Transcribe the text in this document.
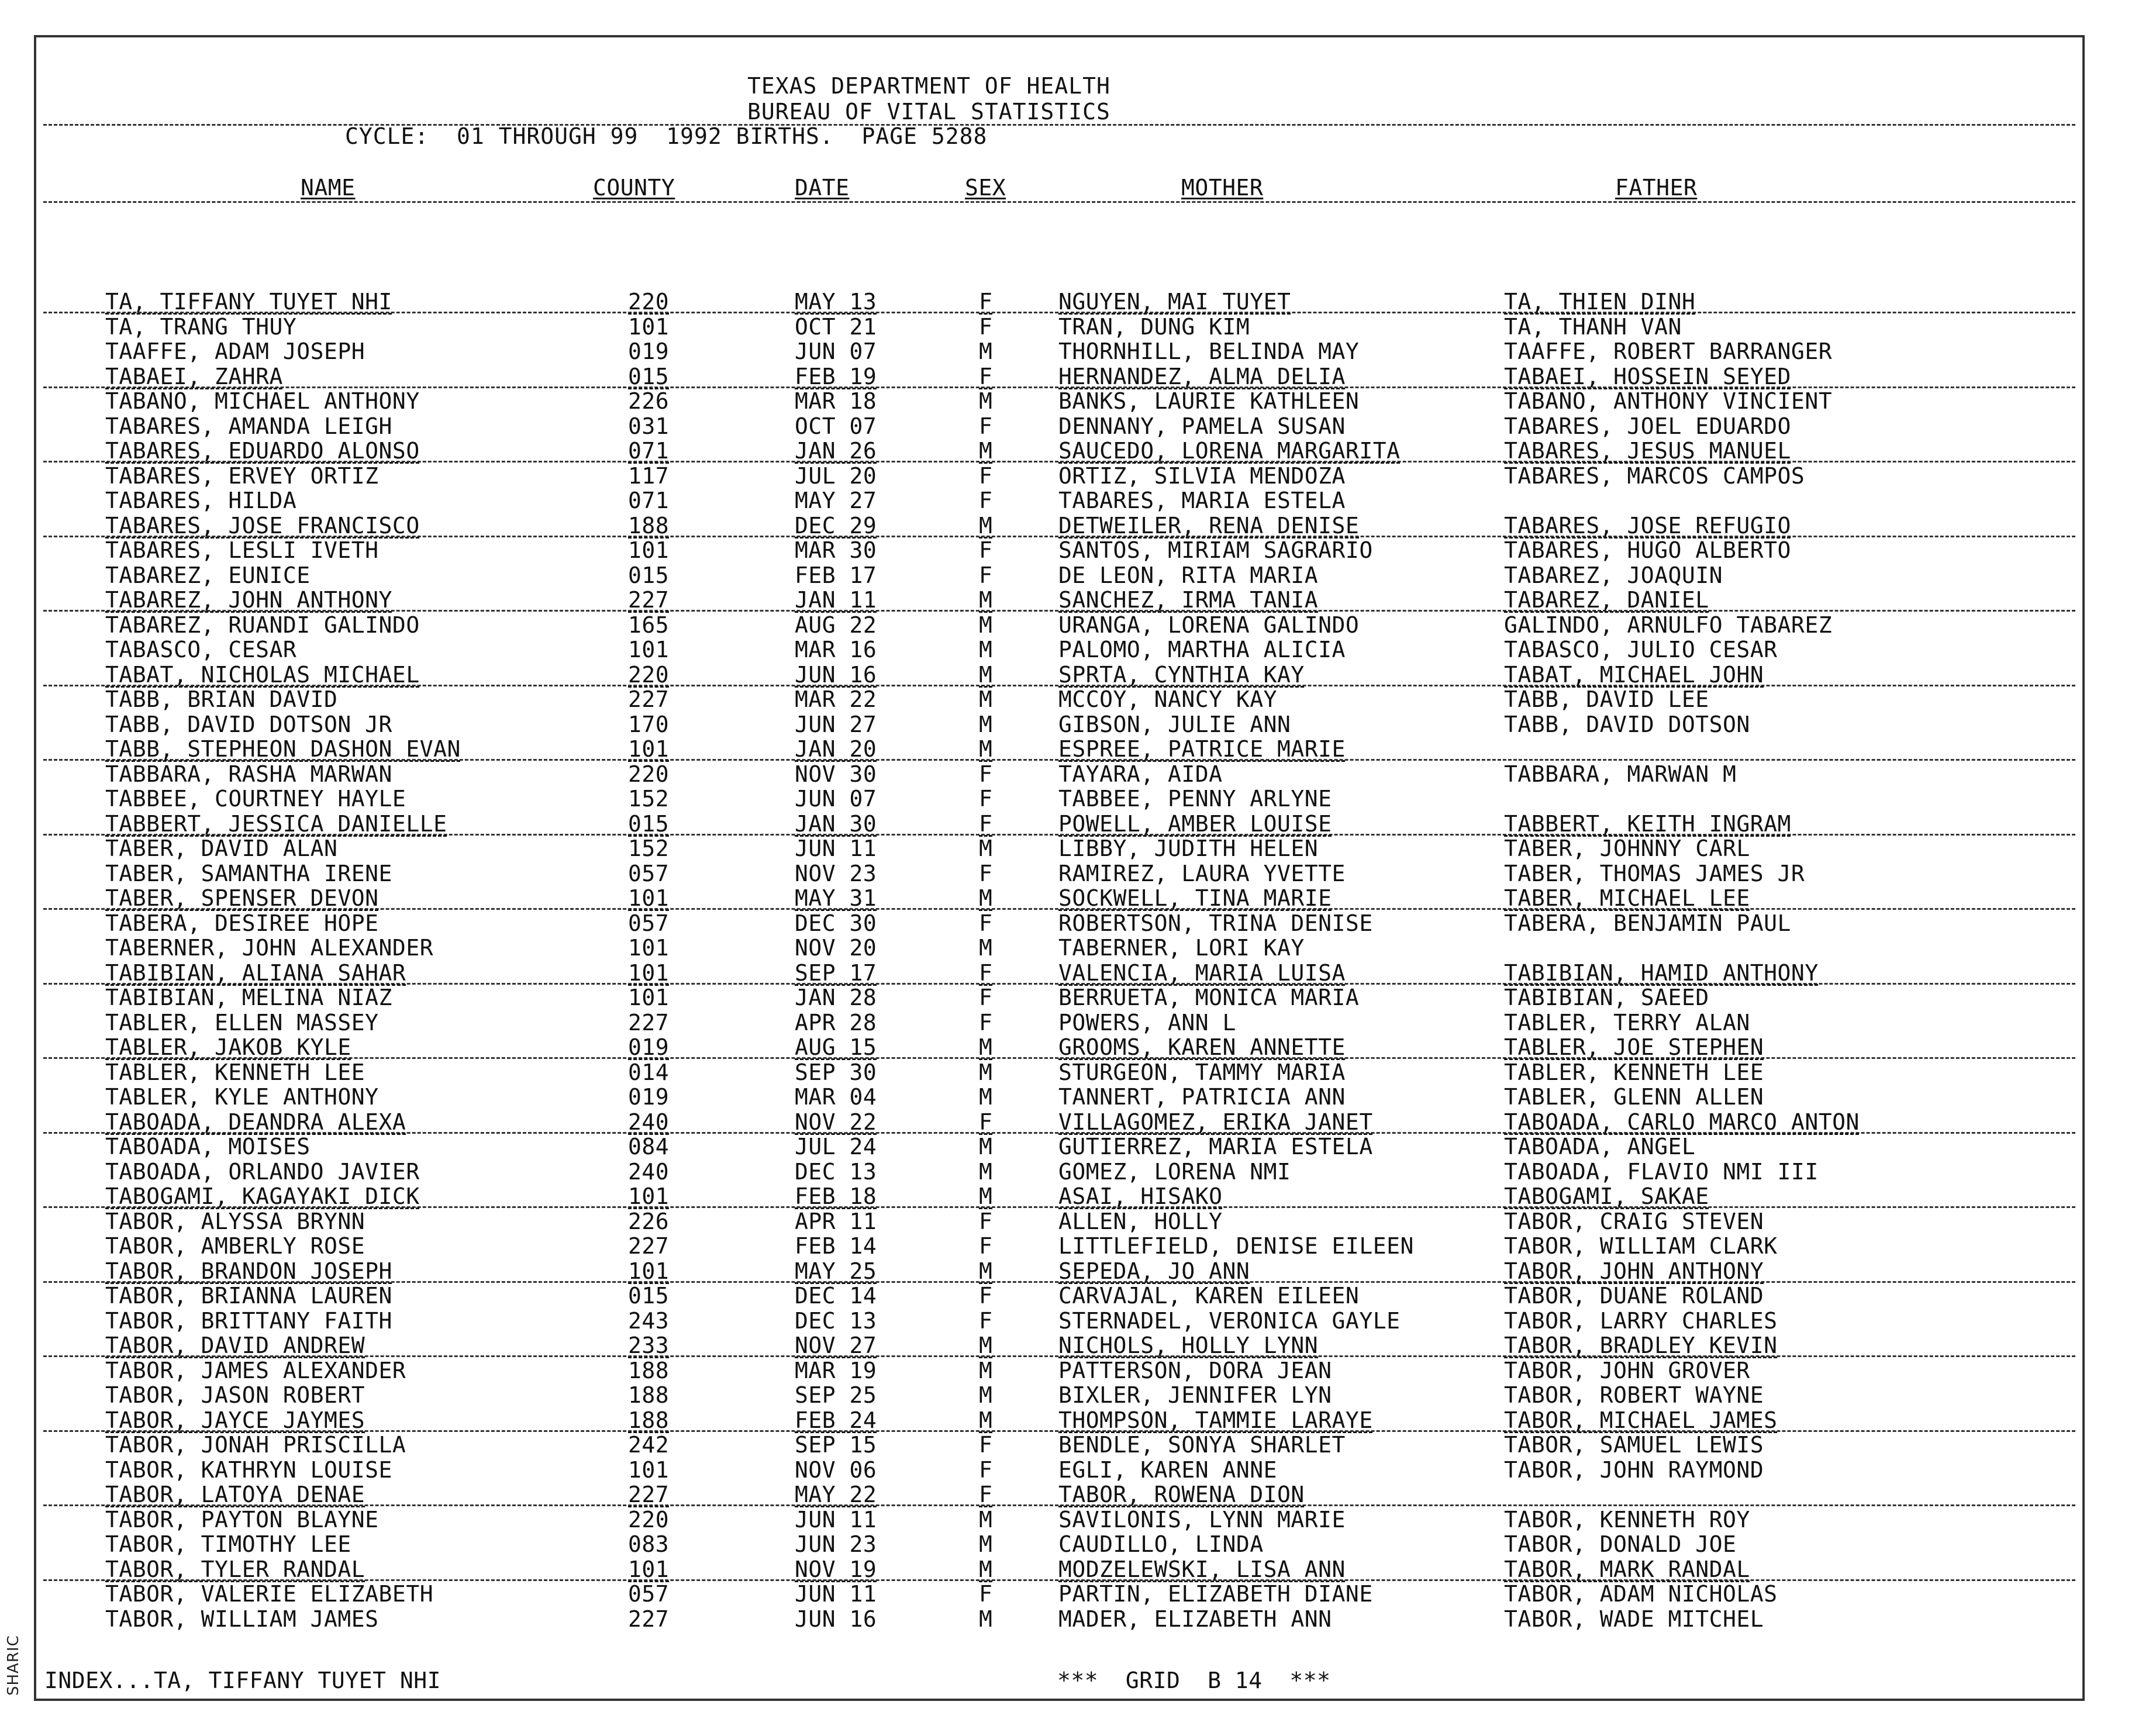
TEXAS DEPARTMENT OF HEALTH
BUREAU OF VITAL STATISTICS
CYCLE:  01 THROUGH 99  1992 BIRTHS.  PAGE 5288
NAME	COUNTY	DATE	SEX	MOTHER	FATHER
TA, TIFFANY TUYET NHI	220	MAY 13	F	NGUYEN, MAI TUYET	TA, THIEN DINH
TA, TRANG THUY	101	OCT 21	F	TRAN, DUNG KIM	TA, THANH VAN
TAAFFE, ADAM JOSEPH	019	JUN 07	M	THORNHILL, BELINDA MAY	TAAFFE, ROBERT BARRANGER
TABAEI, ZAHRA	015	FEB 19	F	HERNANDEZ, ALMA DELIA	TABAEI, HOSSEIN SEYED
TABANO, MICHAEL ANTHONY	226	MAR 18	M	BANKS, LAURIE KATHLEEN	TABANO, ANTHONY VINCIENT
TABARES, AMANDA LEIGH	031	OCT 07	F	DENNANY, PAMELA SUSAN	TABARES, JOEL EDUARDO
TABARES, EDUARDO ALONSO	071	JAN 26	M	SAUCEDO, LORENA MARGARITA	TABARES, JESUS MANUEL
TABARES, ERVEY ORTIZ	117	JUL 20	F	ORTIZ, SILVIA MENDOZA	TABARES, MARCOS CAMPOS
TABARES, HILDA	071	MAY 27	F	TABARES, MARIA ESTELA
TABARES, JOSE FRANCISCO	188	DEC 29	M	DETWEILER, RENA DENISE	TABARES, JOSE REFUGIO
TABARES, LESLI IVETH	101	MAR 30	F	SANTOS, MIRIAM SAGRARIO	TABARES, HUGO ALBERTO
TABAREZ, EUNICE	015	FEB 17	F	DE LEON, RITA MARIA	TABAREZ, JOAQUIN
TABAREZ, JOHN ANTHONY	227	JAN 11	M	SANCHEZ, IRMA TANIA	TABAREZ, DANIEL
TABAREZ, RUANDI GALINDO	165	AUG 22	M	URANGA, LORENA GALINDO	GALINDO, ARNULFO TABAREZ
TABASCO, CESAR	101	MAR 16	M	PALOMO, MARTHA ALICIA	TABASCO, JULIO CESAR
TABAT, NICHOLAS MICHAEL	220	JUN 16	M	SPRTA, CYNTHIA KAY	TABAT, MICHAEL JOHN
TABB, BRIAN DAVID	227	MAR 22	M	MCCOY, NANCY KAY	TABB, DAVID LEE
TABB, DAVID DOTSON JR	170	JUN 27	M	GIBSON, JULIE ANN	TABB, DAVID DOTSON
TABB, STEPHEON DASHON EVAN	101	JAN 20	M	ESPREE, PATRICE MARIE
TABBARA, RASHA MARWAN	220	NOV 30	F	TAYARA, AIDA	TABBARA, MARWAN M
TABBEE, COURTNEY HAYLE	152	JUN 07	F	TABBEE, PENNY ARLYNE
TABBERT, JESSICA DANIELLE	015	JAN 30	F	POWELL, AMBER LOUISE	TABBERT, KEITH INGRAM
TABER, DAVID ALAN	152	JUN 11	M	LIBBY, JUDITH HELEN	TABER, JOHNNY CARL
TABER, SAMANTHA IRENE	057	NOV 23	F	RAMIREZ, LAURA YVETTE	TABER, THOMAS JAMES JR
TABER, SPENSER DEVON	101	MAY 31	M	SOCKWELL, TINA MARIE	TABER, MICHAEL LEE
TABERA, DESIREE HOPE	057	DEC 30	F	ROBERTSON, TRINA DENISE	TABERA, BENJAMIN PAUL
TABERNER, JOHN ALEXANDER	101	NOV 20	M	TABERNER, LORI KAY
TABIBIAN, ALIANA SAHAR	101	SEP 17	F	VALENCIA, MARIA LUISA	TABIBIAN, HAMID ANTHONY
TABIBIAN, MELINA NIAZ	101	JAN 28	F	BERRUETA, MONICA MARIA	TABIBIAN, SAEED
TABLER, ELLEN MASSEY	227	APR 28	F	POWERS, ANN L	TABLER, TERRY ALAN
TABLER, JAKOB KYLE	019	AUG 15	M	GROOMS, KAREN ANNETTE	TABLER, JOE STEPHEN
TABLER, KENNETH LEE	014	SEP 30	M	STURGEON, TAMMY MARIA	TABLER, KENNETH LEE
TABLER, KYLE ANTHONY	019	MAR 04	M	TANNERT, PATRICIA ANN	TABLER, GLENN ALLEN
TABOADA, DEANDRA ALEXA	240	NOV 22	F	VILLAGOMEZ, ERIKA JANET	TABOADA, CARLO MARCO ANTON
TABOADA, MOISES	084	JUL 24	M	GUTIERREZ, MARIA ESTELA	TABOADA, ANGEL
TABOADA, ORLANDO JAVIER	240	DEC 13	M	GOMEZ, LORENA NMI	TABOADA, FLAVIO NMI III
TABOGAMI, KAGAYAKI DICK	101	FEB 18	M	ASAI, HISAKO	TABOGAMI, SAKAE
TABOR, ALYSSA BRYNN	226	APR 11	F	ALLEN, HOLLY	TABOR, CRAIG STEVEN
TABOR, AMBERLY ROSE	227	FEB 14	F	LITTLEFIELD, DENISE EILEEN	TABOR, WILLIAM CLARK
TABOR, BRANDON JOSEPH	101	MAY 25	M	SEPEDA, JO ANN	TABOR, JOHN ANTHONY
TABOR, BRIANNA LAUREN	015	DEC 14	F	CARVAJAL, KAREN EILEEN	TABOR, DUANE ROLAND
TABOR, BRITTANY FAITH	243	DEC 13	F	STERNADEL, VERONICA GAYLE	TABOR, LARRY CHARLES
TABOR, DAVID ANDREW	233	NOV 27	M	NICHOLS, HOLLY LYNN	TABOR, BRADLEY KEVIN
TABOR, JAMES ALEXANDER	188	MAR 19	M	PATTERSON, DORA JEAN	TABOR, JOHN GROVER
TABOR, JASON ROBERT	188	SEP 25	M	BIXLER, JENNIFER LYN	TABOR, ROBERT WAYNE
TABOR, JAYCE JAYMES	188	FEB 24	M	THOMPSON, TAMMIE LARAYE	TABOR, MICHAEL JAMES
TABOR, JONAH PRISCILLA	242	SEP 15	F	BENDLE, SONYA SHARLET	TABOR, SAMUEL LEWIS
TABOR, KATHRYN LOUISE	101	NOV 06	F	EGLI, KAREN ANNE	TABOR, JOHN RAYMOND
TABOR, LATOYA DENAE	227	MAY 22	F	TABOR, ROWENA DION
TABOR, PAYTON BLAYNE	220	JUN 11	M	SAVILONIS, LYNN MARIE	TABOR, KENNETH ROY
TABOR, TIMOTHY LEE	083	JUN 23	M	CAUDILLO, LINDA	TABOR, DONALD JOE
TABOR, TYLER RANDAL	101	NOV 19	M	MODZELEWSKI, LISA ANN	TABOR, MARK RANDAL
TABOR, VALERIE ELIZABETH	057	JUN 11	F	PARTIN, ELIZABETH DIANE	TABOR, ADAM NICHOLAS
TABOR, WILLIAM JAMES	227	JUN 16	M	MADER, ELIZABETH ANN	TABOR, WADE MITCHEL
INDEX...TA, TIFFANY TUYET NHI	***  GRID  B 14  ***
SHARIC
